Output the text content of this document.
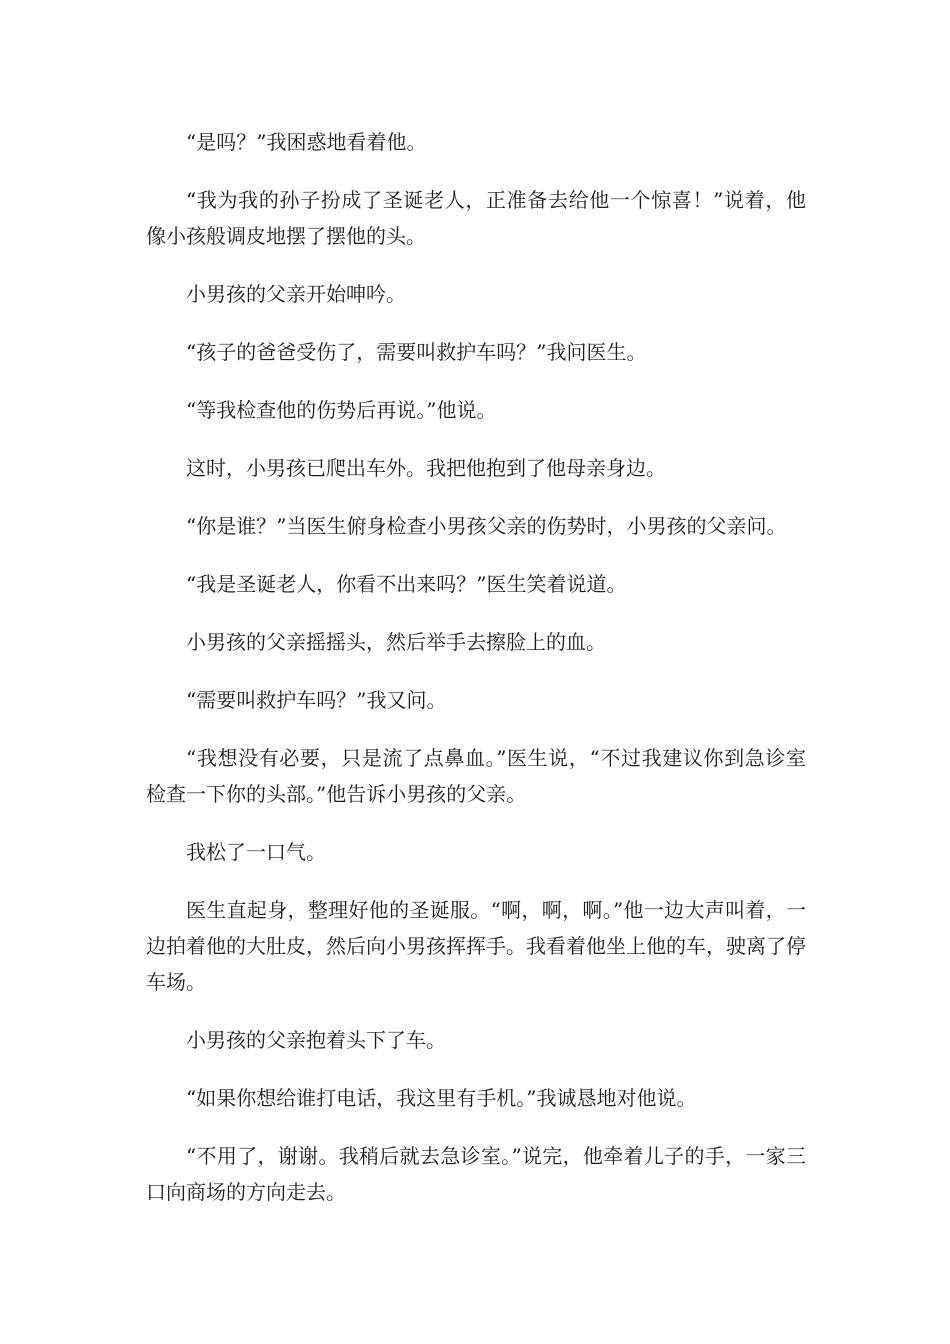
“是吗？”我困惑地看着他。

“我为我的孙子扮成了圣诞老人，正准备去给他一个惊喜！”说着，他像小孩般调皮地摆了摆他的头。

小男孩的父亲开始呻吟。

“孩子的爸爸受伤了，需要叫救护车吗？”我问医生。

“等我检查他的伤势后再说。”他说。

这时，小男孩已爬出车外。我把他抱到了他母亲身边。

“你是谁？”当医生俯身检查小男孩父亲的伤势时，小男孩的父亲问。

“我是圣诞老人，你看不出来吗？”医生笑着说道。

小男孩的父亲摇摇头，然后举手去擦脸上的血。

“需要叫救护车吗？”我又问。

“我想没有必要，只是流了点鼻血。”医生说，“不过我建议你到急诊室检查一下你的头部。”他告诉小男孩的父亲。

我松了一口气。

医生直起身，整理好他的圣诞服。“啊，啊，啊。”他一边大声叫着，一边拍着他的大肚皮，然后向小男孩挥挥手。我看着他坐上他的车，驶离了停车场。

小男孩的父亲抱着头下了车。

“如果你想给谁打电话，我这里有手机。”我诚恳地对他说。

“不用了，谢谢。我稍后就去急诊室。”说完，他牵着儿子的手，一家三口向商场的方向走去。
